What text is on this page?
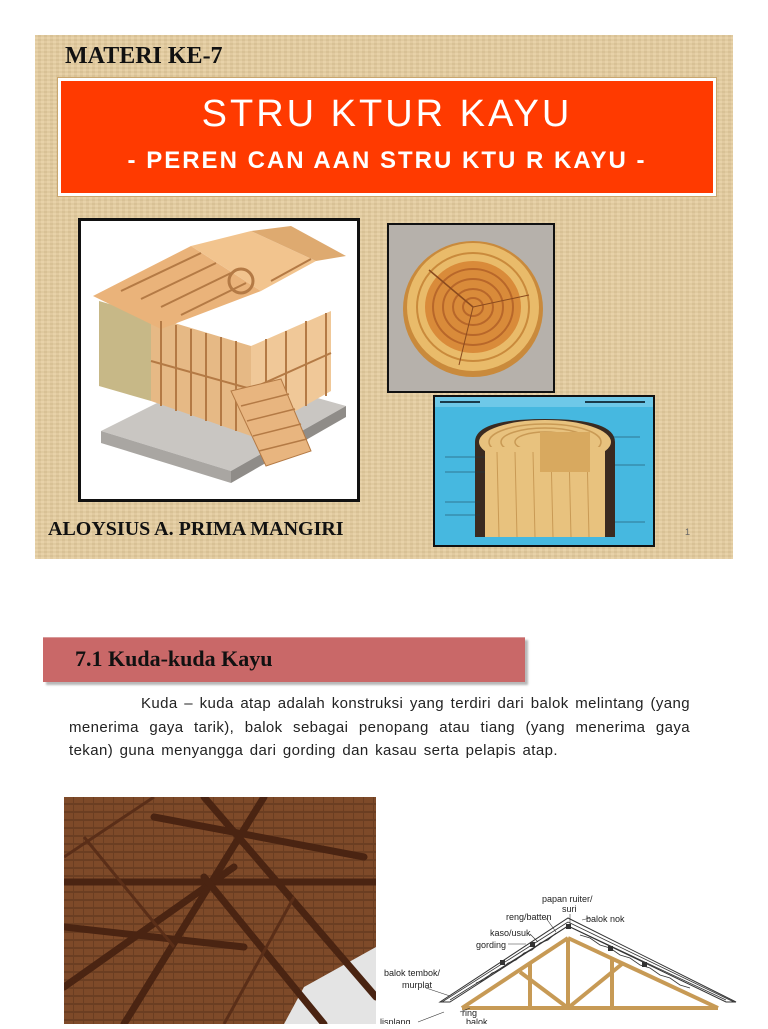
MATERI KE-7
STRU KTUR KAYU
- PEREN CAN AAN STRU KTU R KAYU -
ALOYSIUS A. PRIMA MANGIRI	1
7.1 Kuda-kuda Kayu
Kuda – kuda atap adalah konstruksi yang terdiri dari balok melintang (yang menerima gaya tarik), balok sebagai penopang atau tiang (yang menerima gaya tekan) guna menyangga dari gording dan kasau serta pelapis atap.
papan ruiter/
suri
reng/batten	balok nok
kaso/usuk
gording
balok tembok/
murplat
ring
balok
lisplang
